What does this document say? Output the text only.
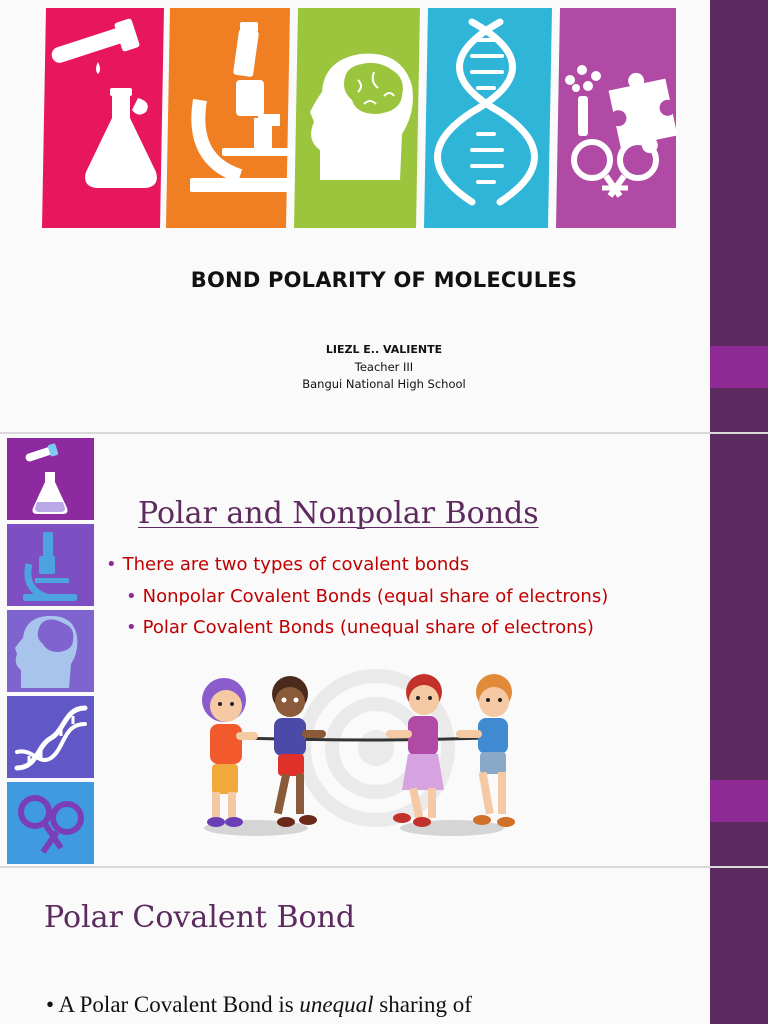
BOND POLARITY OF MOLECULES
LIEZL E.. VALIENTE
Teacher III
Bangui National High School
Polar and Nonpolar Bonds
• There are two types of covalent bonds
• Nonpolar Covalent Bonds (equal share of electrons)
• Polar Covalent Bonds (unequal share of electrons)
Polar Covalent Bond
• A Polar Covalent Bond is unequal sharing of
